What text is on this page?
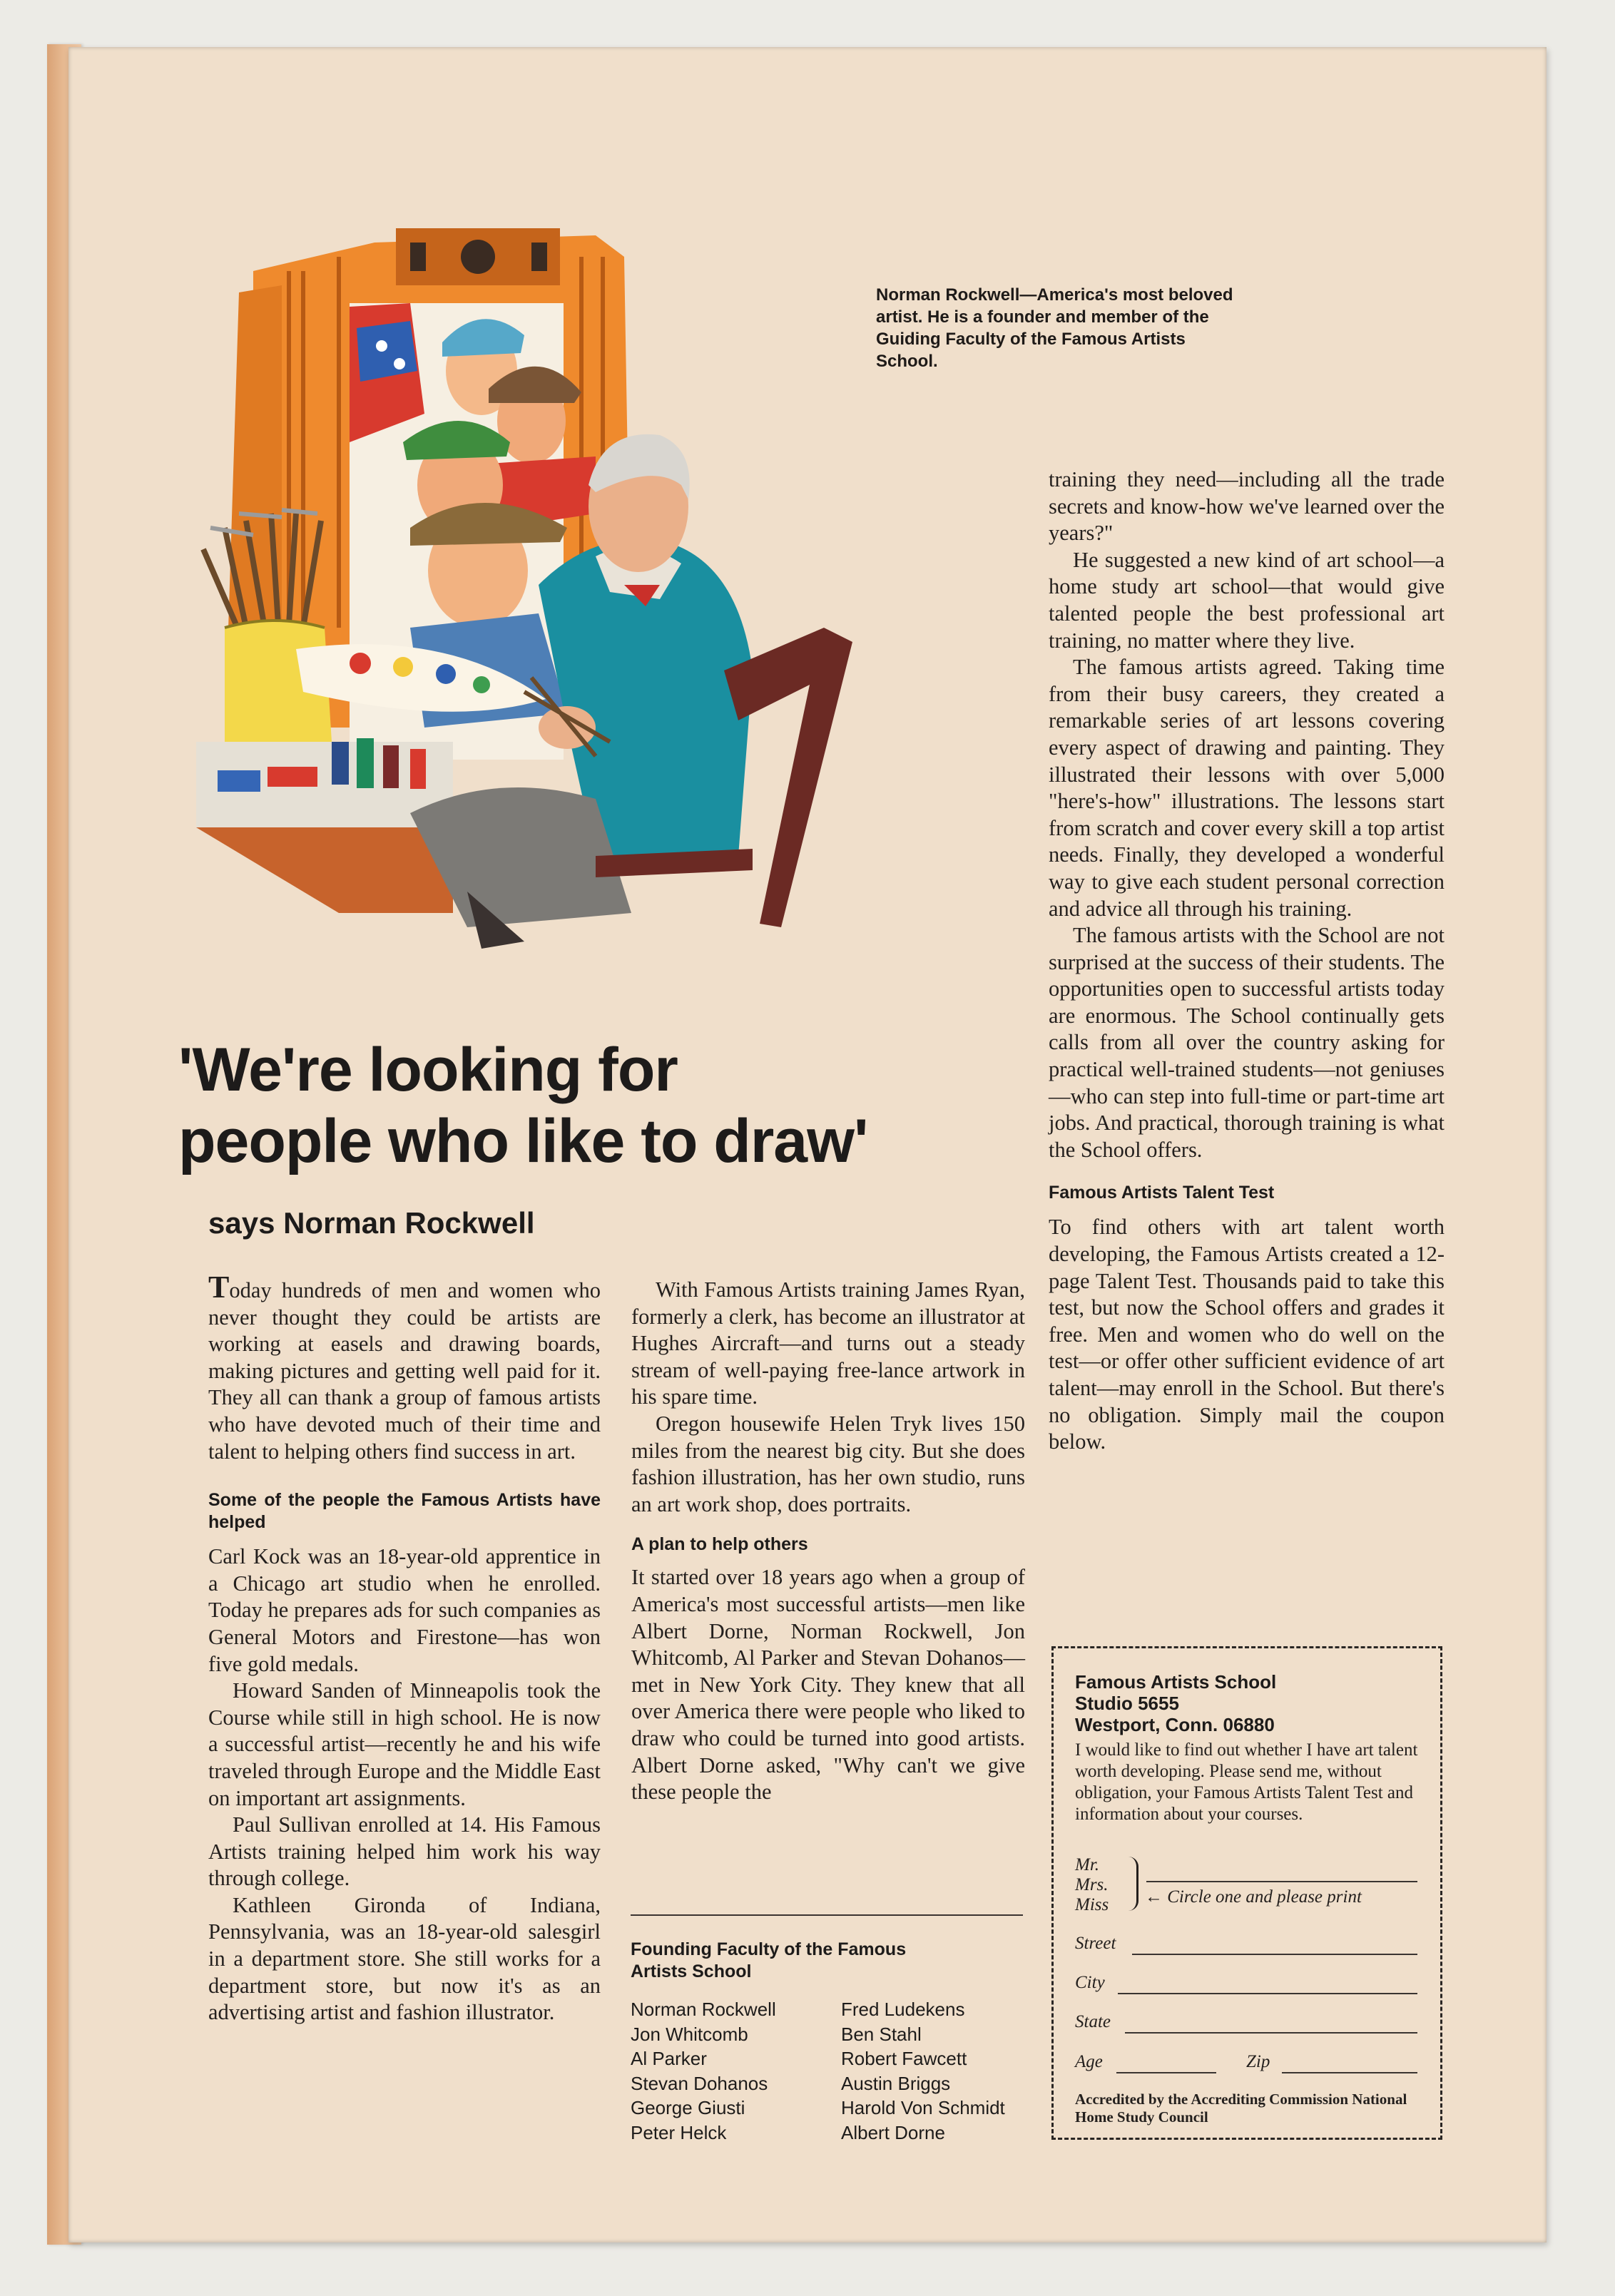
Norman Rockwell—America's most beloved artist. He is a founder and member of the Guiding Faculty of the Famous Artists School.
'We're looking for
people who like to draw'
says Norman Rockwell

Today hundreds of men and women who never thought they could be artists are working at easels and drawing boards, making pictures and getting well paid for it. They all can thank a group of famous artists who have devoted much of their time and talent to helping others find success in art.

Some of the people the Famous Artists have helped

Carl Kock was an 18-year-old apprentice in a Chicago art studio when he enrolled. Today he prepares ads for such companies as General Motors and Firestone—has won five gold medals.

Howard Sanden of Minneapolis took the Course while still in high school. He is now a successful artist—recently he and his wife traveled through Europe and the Middle East on important art assignments.

Paul Sullivan enrolled at 14. His Famous Artists training helped him work his way through college.

Kathleen Gironda of Indiana, Pennsylvania, was an 18-year-old salesgirl in a department store. She still works for a department store, but now it's as an advertising artist and fashion illustrator.

With Famous Artists training James Ryan, formerly a clerk, has become an illustrator at Hughes Aircraft—and turns out a steady stream of well-paying free-lance artwork in his spare time.

Oregon housewife Helen Tryk lives 150 miles from the nearest big city. But she does fashion illustration, has her own studio, runs an art work shop, does portraits.

A plan to help others

It started over 18 years ago when a group of America's most successful artists—men like Albert Dorne, Norman Rockwell, Jon Whitcomb, Al Parker and Stevan Dohanos—met in New York City. They knew that all over America there were people who liked to draw who could be turned into good artists. Albert Dorne asked, "Why can't we give these people the

Founding Faculty of the Famous Artists School
Norman Rockwell	Fred Ludekens
Jon Whitcomb	Ben Stahl
Al Parker	Robert Fawcett
Stevan Dohanos	Austin Briggs
George Giusti	Harold Von Schmidt
Peter Helck	Albert Dorne

training they need—including all the trade secrets and know-how we've learned over the years?"

He suggested a new kind of art school—a home study art school—that would give talented people the best professional art training, no matter where they live.

The famous artists agreed. Taking time from their busy careers, they created a remarkable series of art lessons covering every aspect of drawing and painting. They illustrated their lessons with over 5,000 "here's-how" illustrations. The lessons start from scratch and cover every skill a top artist needs. Finally, they developed a wonderful way to give each student personal correction and advice all through his training.

The famous artists with the School are not surprised at the success of their students. The opportunities open to successful artists today are enormous. The School continually gets calls from all over the country asking for practical well-trained students—not geniuses—who can step into full-time or part-time art jobs. And practical, thorough training is what the School offers.

Famous Artists Talent Test

To find others with art talent worth developing, the Famous Artists created a 12-page Talent Test. Thousands paid to take this test, but now the School offers and grades it free. Men and women who do well on the test—or offer other sufficient evidence of art talent—may enroll in the School. But there's no obligation. Simply mail the coupon below.

Famous Artists School
Studio 5655
Westport, Conn. 06880
I would like to find out whether I have art talent worth developing. Please send me, without obligation, your Famous Artists Talent Test and information about your courses.
Mr.
Mrs.
Miss	← Circle one and please print
Street
City
State
Age	Zip
Accredited by the Accrediting Commission National Home Study Council
